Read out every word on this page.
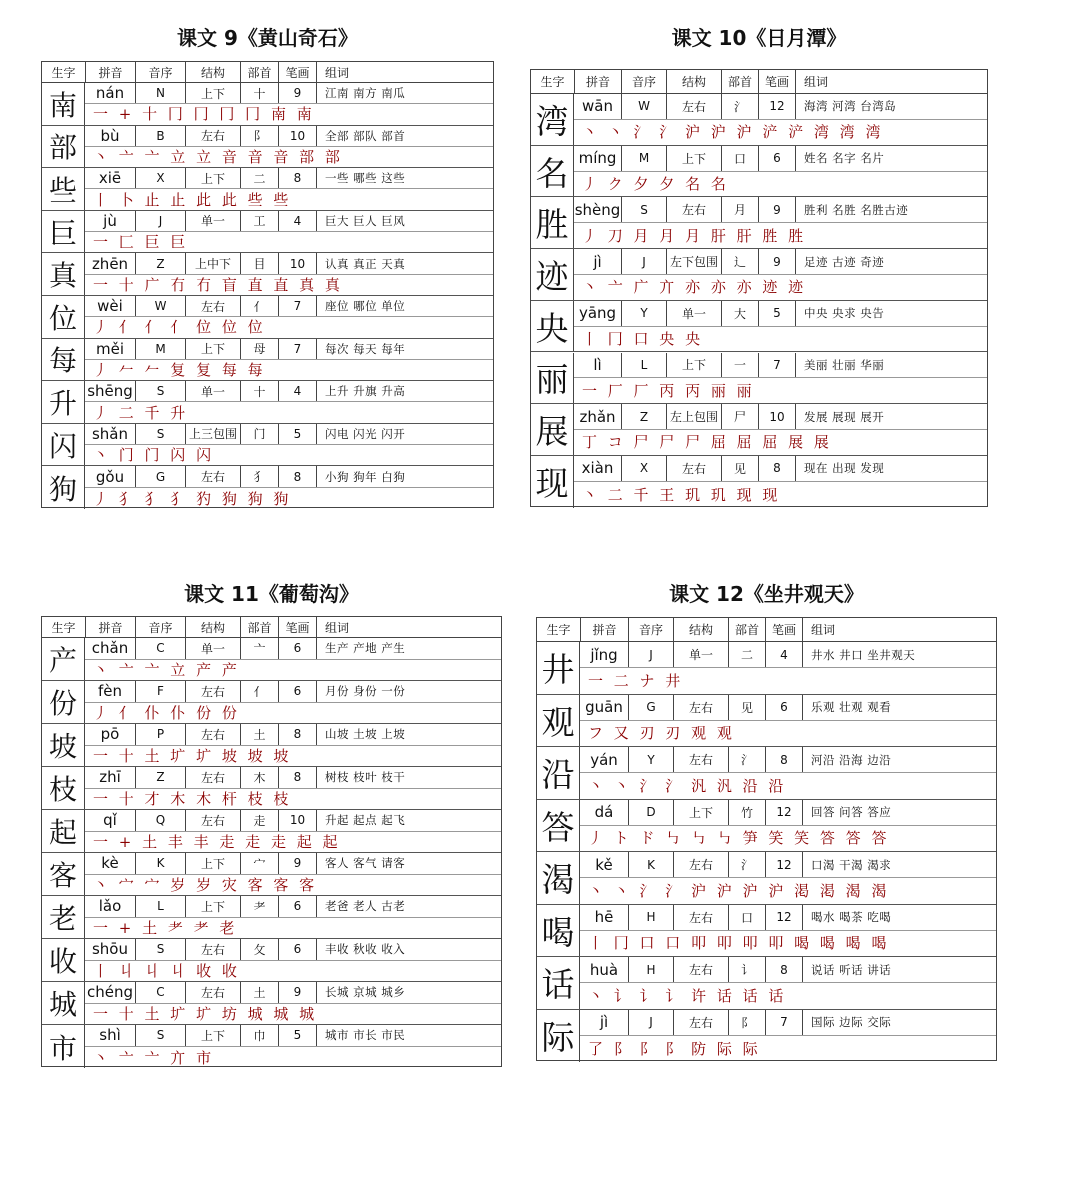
课文 9《黄山奇石》
生字	拼音	音序	结构	部首	笔画	组词
南	nán	N	上下	十	9	江南 南方 南瓜
一 + 十 冂 冂 冂 冂 南 南
部	bù	B	左右	阝	10	全部 部队 部首
丶 亠 亠 立 立 音 音 音 部 部
些	xiē	X	上下	二	8	一些 哪些 这些
丨 卜 止 止 此 此 些 些
巨	jù	J	单一	工	4	巨大 巨人 巨风
一 匚 巨 巨
真 zhēn	Z	上中下	目	10	认真 真正 天真
一 十 广 冇 冇 盲 直 直 真 真
位	wèi	W	左右	亻	7	座位 哪位 单位
丿 亻 亻 亻 位 位 位
每	měi	M	上下	母	7	每次 每天 每年
丿 𠂉 𠂉 复 复 每 每
升 shēng	S	单一	十	4	上升 升旗 升高
丿 二 千 升
闪 shǎn	S	上三包围	门	5	闪电 闪光 闪开
丶 门 门 闪 闪
狗	gǒu	G	左右	犭	8	小狗 狗年 白狗
丿 犭 犭 犭 犳 狗 狗 狗
课文 10《日月潭》
生字	拼音	音序	结构	部首	笔画	组词
湾 wān	W	左右	氵	12	海湾 河湾 台湾岛
丶 丶 氵 氵 沪 沪 沪 浐 浐 湾 湾 湾
名 míng	M	上下	口	6	姓名 名字 名片
丿 ク 夕 夕 名 名
胜 shèng	S	左右	月	9	胜利 名胜 名胜古迹
丿 刀 月 月 月 肝 肝 胜 胜
迹	jì	J	左下包围	辶	9	足迹 古迹 奇迹
丶 亠 广 亣 亦 亦 亦 迹 迹
央 yāng	Y	单一	大	5	中央 央求 央告
丨 冂 口 央 央
丽	lì	L	上下	一	7	美丽 壮丽 华丽
一 厂 厂 丙 丙 丽 丽
展 zhǎn	Z	左上包围	尸	10	发展 展现 展开
丁 コ 尸 尸 尸 屈 屈 屈 展 展
现 xiàn	X	左右	见	8	现在 出现 发现
丶 二 千 王 玑 玑 现 现
课文 11《葡萄沟》
生字	拼音	音序	结构	部首	笔画	组词
产 chǎn	C	单一	亠	6	生产 产地 产生
丶 亠 亠 立 产 产
份	fèn	F	左右	亻	6	月份 身份 一份
丿 亻 仆 仆 份 份
坡	pō	P	左右	土	8	山坡 土坡 上坡
一 十 土 圹 圹 坡 坡 坡
枝	zhī	Z	左右	木	8	树枝 枝叶 枝干
一 十 才 木 木 杆 枝 枝
起	qǐ	Q	左右	走	10	升起 起点 起飞
一 + 土 丰 丰 走 走 走 起 起
客	kè	K	上下	宀	9	客人 客气 请客
丶 宀 宀 岁 岁 灾 客 客 客
老	lǎo	L	上下	耂	6	老爸 老人 古老
一 + 土 耂 耂 老
收 shōu	S	左右	攵	6	丰收 秋收 收入
丨 丩 丩 丩 收 收
城 chéng	C	左右	土	9	长城 京城 城乡
一 十 土 圹 圹 坊 城 城 城
市	shì	S	上下	巾	5	城市 市长 市民
丶 亠 亠 亣 市
课文 12《坐井观天》
生字	拼音	音序	结构	部首	笔画	组词
井	jǐng	J	单一	二	4	井水 井口 坐井观天
一 二 ナ 井
观 guān	G	左右	见	6	乐观 壮观 观看
フ 又 刃 刃 观 观
沿	yán	Y	左右	氵	8	河沿 沿海 边沿
丶 丶 氵 氵 汎 汎 沿 沿
答	dá	D	上下	竹	12	回答 问答 答应
丿 ト ド ㇉ ㇉ ㇉ 笋 笑 笑 答 答 答
渴	kě	K	左右	氵	12	口渴 干渴 渴求
丶 丶 氵 氵 沪 沪 沪 沪 渇 渇 渴 渴
喝	hē	H	左右	口	12	喝水 喝茶 吃喝
丨 冂 口 口 叩 叩 叩 叩 喝 喝 喝 喝
话	huà	H	左右	讠	8	说话 听话 讲话
丶 讠 讠 讠 许 话 话 话
际	jì	J	左右	阝	7	国际 边际 交际
了 阝 阝 阝 防 际 际
